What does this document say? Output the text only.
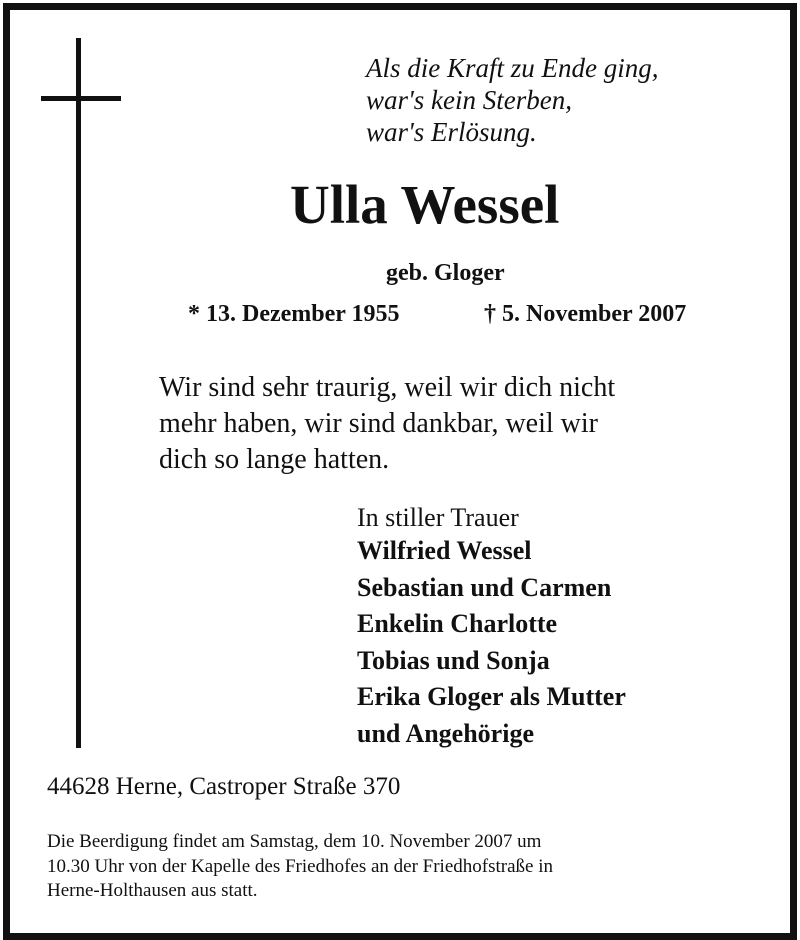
Als die Kraft zu Ende ging,
war's kein Sterben,
war's Erlösung.
Ulla Wessel
geb. Gloger
* 13. Dezember 1955	† 5. November 2007
Wir sind sehr traurig, weil wir dich nicht
mehr haben, wir sind dankbar, weil wir
dich so lange hatten.
In stiller Trauer
Wilfried Wessel
Sebastian und Carmen
Enkelin Charlotte
Tobias und Sonja
Erika Gloger als Mutter
und Angehörige
44628 Herne, Castroper Straße 370
Die Beerdigung findet am Samstag, dem 10. November 2007 um
10.30 Uhr von der Kapelle des Friedhofes an der Friedhofstraße in
Herne-Holthausen aus statt.
